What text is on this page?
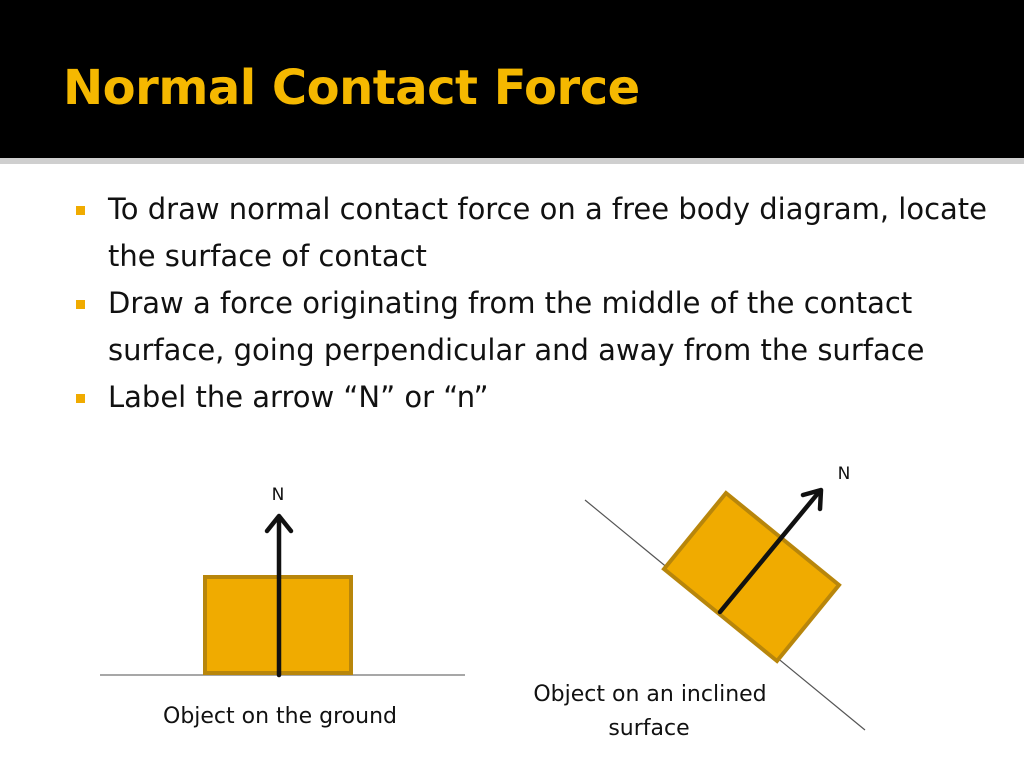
Normal Contact Force
To draw normal contact force on a free body diagram, locate the surface of contact
Draw a force originating from the middle of the contact surface, going perpendicular and away from the surface
Label the arrow “N” or “n”
N
Object on the ground
N
Object on an inclined
surface
